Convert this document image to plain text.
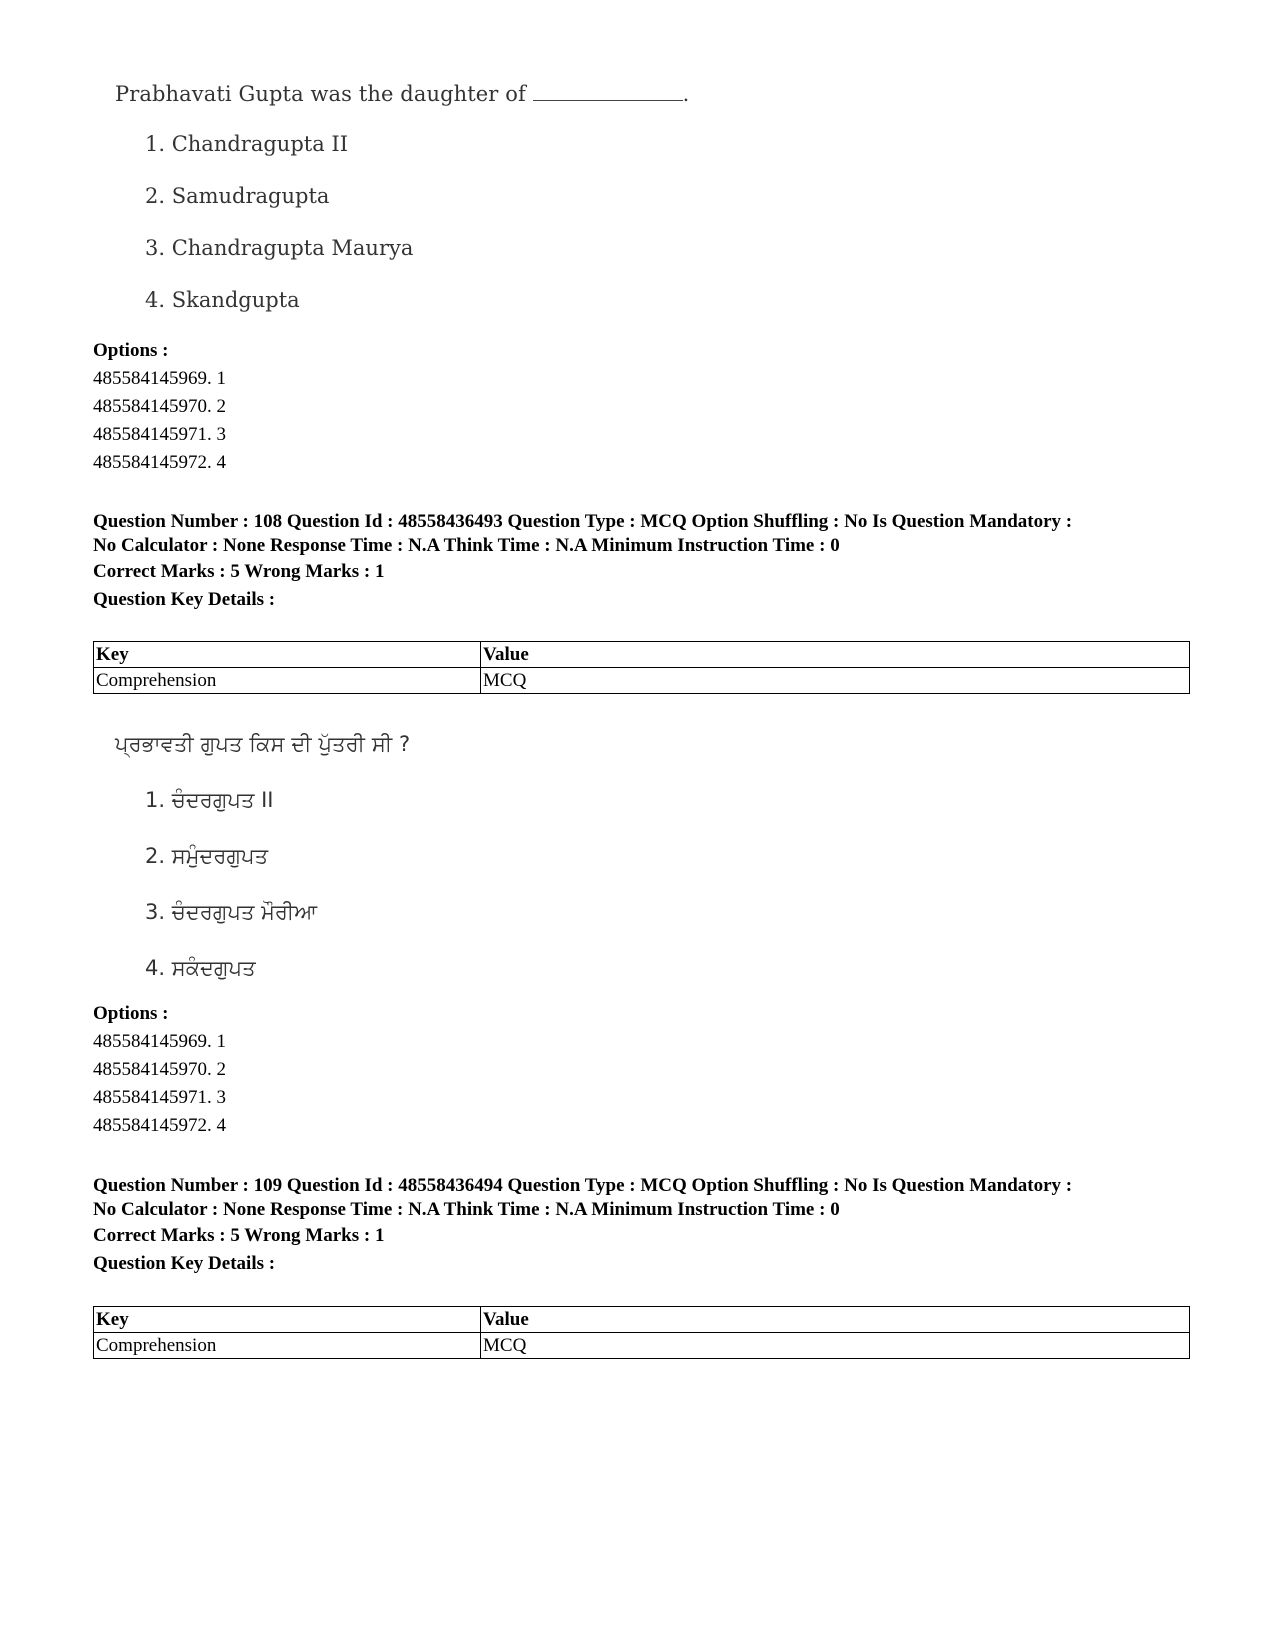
Prabhavati Gupta was the daughter of	.

1. Chandragupta II

2. Samudragupta

3. Chandragupta Maurya

4. Skandgupta

Options :
485584145969. 1
485584145970. 2
485584145971. 3
485584145972. 4
Question Number : 108 Question Id : 48558436493 Question Type : MCQ Option Shuffling : No Is Question Mandatory :
No Calculator : None Response Time : N.A Think Time : N.A Minimum Instruction Time : 0
Correct Marks : 5 Wrong Marks : 1
Question Key Details :
Key	Value
Comprehension	MCQ

ਪ੍ਰਭਾਵਤੀ ਗੁਪਤ ਕਿਸ ਦੀ ਪੁੱਤਰੀ ਸੀ ?

1. ਚੰਦਰਗੁਪਤ II

2. ਸਮੁੰਦਰਗੁਪਤ

3. ਚੰਦਰਗੁਪਤ ਮੌਰੀਆ

4. ਸਕੰਦਗੁਪਤ

Options :
485584145969. 1
485584145970. 2
485584145971. 3
485584145972. 4
Question Number : 109 Question Id : 48558436494 Question Type : MCQ Option Shuffling : No Is Question Mandatory :
No Calculator : None Response Time : N.A Think Time : N.A Minimum Instruction Time : 0
Correct Marks : 5 Wrong Marks : 1
Question Key Details :
Key	Value
Comprehension	MCQ
